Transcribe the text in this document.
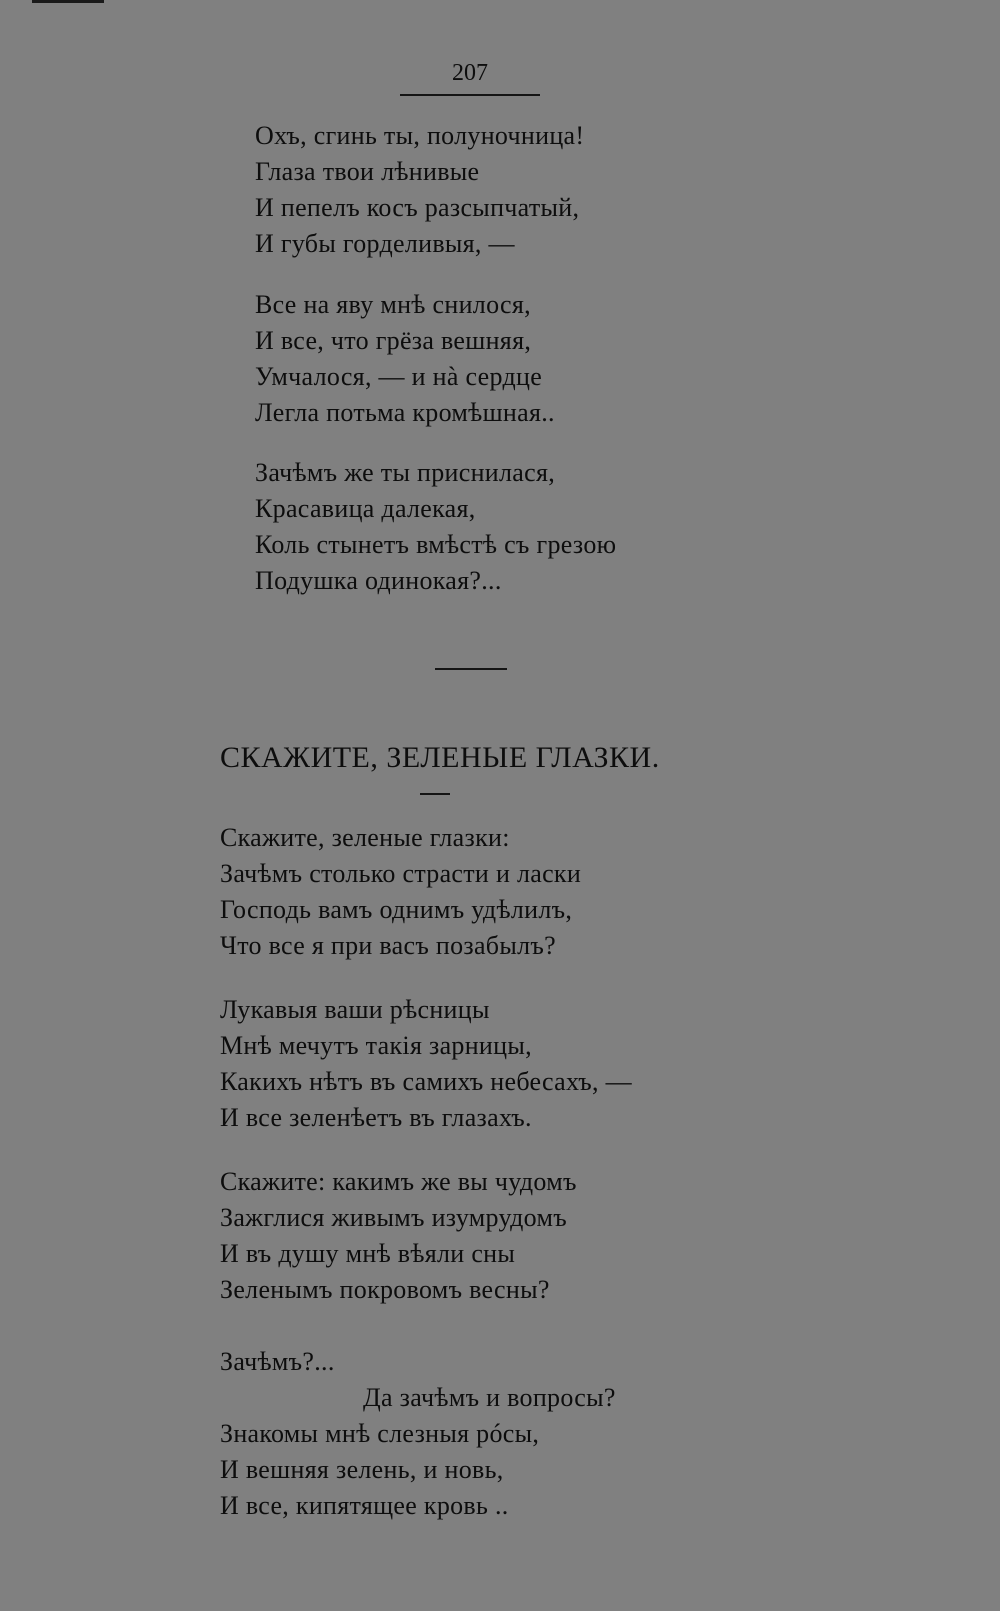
207
Охъ, сгинь ты, полуночница!
Глаза твои лѣнивые
И пепелъ косъ разсыпчатый,
И губы горделивыя, —
Все на яву мнѣ снилося,
И все, что грёза вешняя,
Умчалося, — и нà сердце
Легла потьма кромѣшная..
Зачѣмъ же ты приснилася,
Красавица далекая,
Коль стынетъ вмѣстѣ съ грезою
Подушка одинокая?...
СКАЖИТЕ, ЗЕЛЕНЫЕ ГЛАЗКИ.
Скажите, зеленые глазки:
Зачѣмъ столько страсти и ласки
Господь вамъ однимъ удѣлилъ,
Что все я при васъ позабылъ?
Лукавыя ваши рѣсницы
Мнѣ мечутъ такія зарницы,
Какихъ нѣтъ въ самихъ небесахъ, —
И все зеленѣетъ въ глазахъ.
Скажите: какимъ же вы чудомъ
Зажглися живымъ изумрудомъ
И въ душу мнѣ вѣяли сны
Зеленымъ покровомъ весны?
Зачѣмъ?...
Да зачѣмъ и вопросы?
Знакомы мнѣ слезныя рóсы,
И вешняя зелень, и новь,
И все, кипятящее кровь ..
